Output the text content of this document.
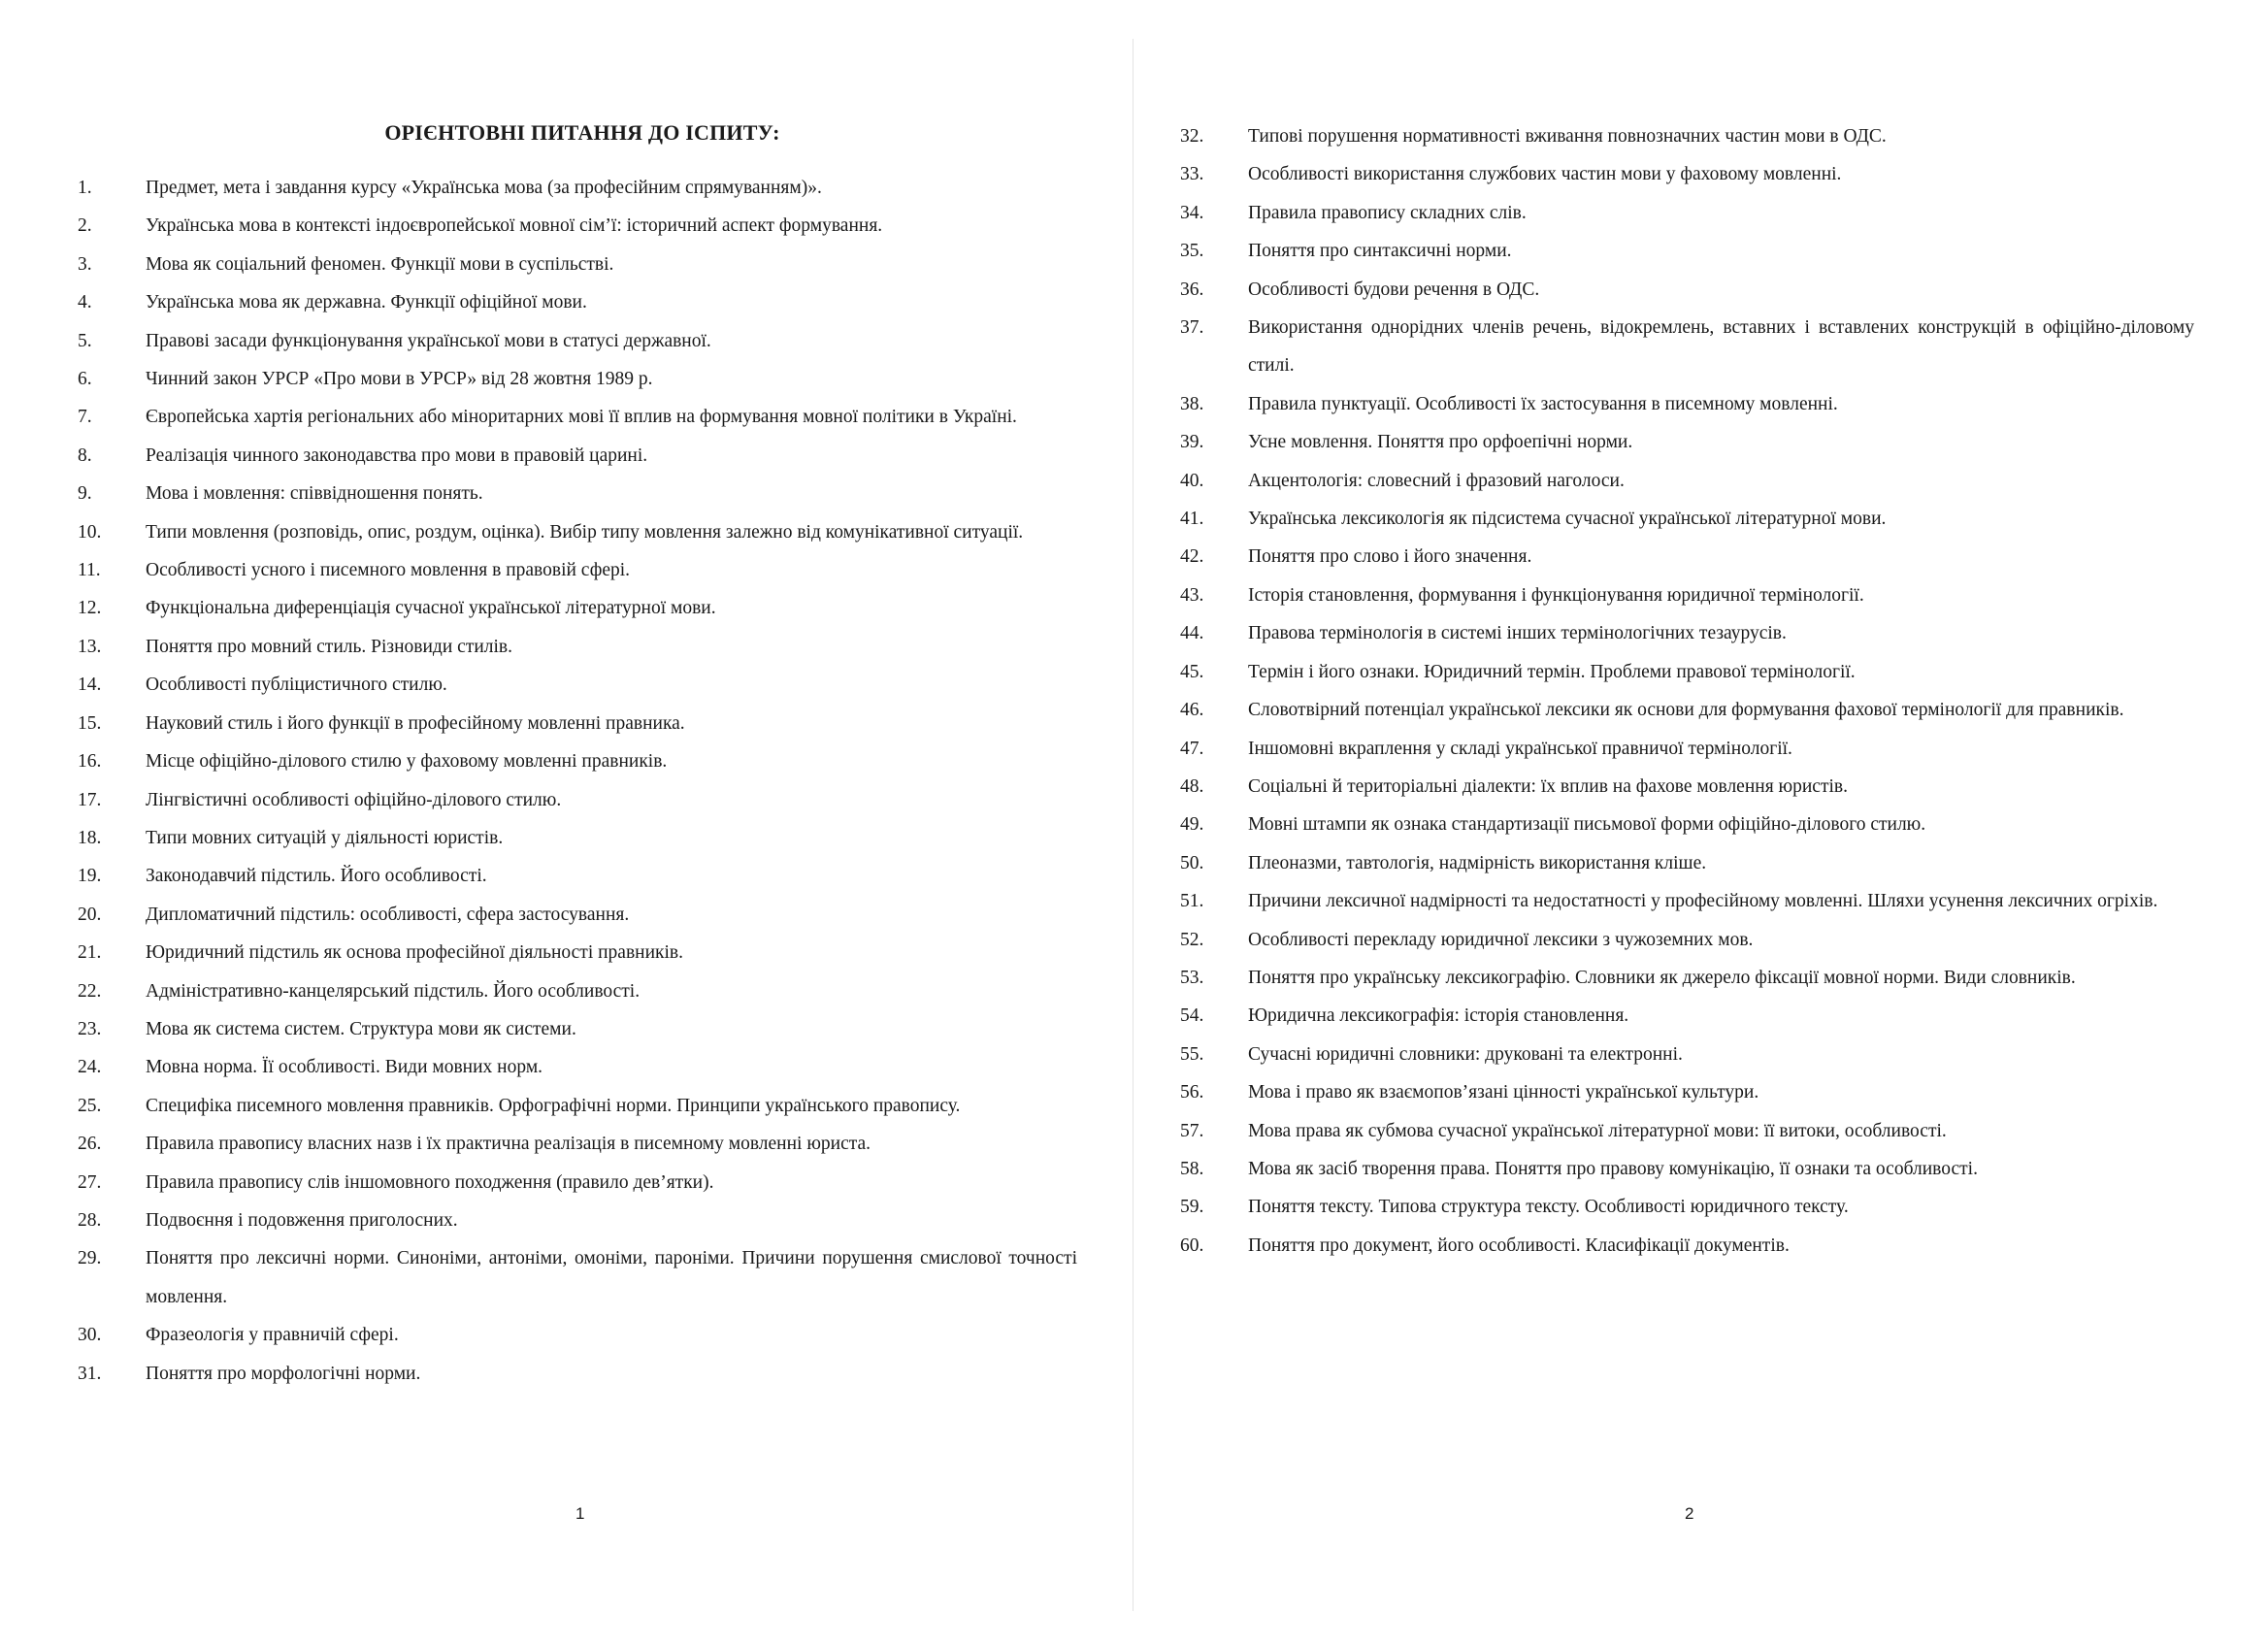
ОРІЄНТОВНІ ПИТАННЯ ДО ІСПИТУ:
1.	Предмет, мета і завдання курсу «Українська мова (за професійним спрямуванням)».
2.	Українська мова в контексті індоєвропейської мовної сім’ї: історичний аспект формування.
3.	Мова як соціальний феномен. Функції мови в суспільстві.
4.	Українська мова як державна. Функції офіційної мови.
5.	Правові засади функціонування української мови в статусі державної.
6.	Чинний закон УРСР «Про мови в УРСР» від 28 жовтня 1989 р.
7.	Європейська хартія регіональних або міноритарних мові її вплив на формування мовної політики в Україні.
8.	Реалізація чинного законодавства про мови в правовій царині.
9.	Мова і мовлення: співвідношення понять.
10.	Типи мовлення (розповідь, опис, роздум, оцінка). Вибір типу мовлення залежно від комунікативної ситуації.
11.	Особливості усного і писемного мовлення в правовій сфері.
12.	Функціональна диференціація сучасної української літературної мови.
13.	Поняття про мовний стиль. Різновиди стилів.
14.	Особливості публіцистичного стилю.
15.	Науковий стиль і його функції в професійному мовленні правника.
16.	Місце офіційно-ділового стилю у фаховому мовленні правників.
17.	Лінгвістичні особливості офіційно-ділового стилю.
18.	Типи мовних ситуацій у діяльності юристів.
19.	Законодавчий підстиль. Його особливості.
20.	Дипломатичний підстиль: особливості, сфера застосування.
21.	Юридичний підстиль як основа професійної діяльності правників.
22.	Адміністративно-канцелярський підстиль. Його особливості.
23.	Мова як система систем. Структура мови як системи.
24.	Мовна норма. Її особливості. Види мовних норм.
25.	Специфіка писемного мовлення правників. Орфографічні норми. Принципи українського правопису.
26.	Правила правопису власних назв і їх практична реалізація в писемному мовленні юриста.
27.	Правила правопису слів іншомовного походження (правило дев’ятки).
28.	Подвоєння і подовження приголосних.
29.	Поняття про лексичні норми. Синоніми, антоніми, омоніми, пароніми. Причини порушення смислової точності мовлення.
30.	Фразеологія у правничій сфері.
31.	Поняття про морфологічні норми.
1
32.	Типові порушення нормативності вживання повнозначних частин мови в ОДС.
33.	Особливості використання службових частин мови у фаховому мовленні.
34.	Правила правопису складних слів.
35.	Поняття про синтаксичні норми.
36.	Особливості будови речення в ОДС.
37.	Використання однорідних членів речень, відокремлень, вставних і вставлених конструкцій в офіційно-діловому стилі.
38.	Правила пунктуації. Особливості їх застосування в писемному мовленні.
39.	Усне мовлення. Поняття про орфоепічні норми.
40.	Акцентологія: словесний і фразовий наголоси.
41.	Українська лексикологія як підсистема сучасної української літературної мови.
42.	Поняття про слово і його значення.
43.	Історія становлення, формування і функціонування юридичної термінології.
44.	Правова термінологія в системі інших термінологічних тезаурусів.
45.	Термін і його ознаки. Юридичний термін. Проблеми правової термінології.
46.	Словотвірний потенціал української лексики як основи для формування фахової термінології для правників.
47.	Іншомовні вкраплення у складі української правничої термінології.
48.	Соціальні й територіальні діалекти: їх вплив на фахове мовлення юристів.
49.	Мовні штампи як ознака стандартизації письмової форми офіційно-ділового стилю.
50.	Плеоназми, тавтологія, надмірність використання кліше.
51.	Причини лексичної надмірності та недостатності у професійному мовленні. Шляхи усунення лексичних огріхів.
52.	Особливості перекладу юридичної лексики з чужоземних мов.
53.	Поняття про українську лексикографію. Словники як джерело фіксації мовної норми. Види словників.
54.	Юридична лексикографія: історія становлення.
55.	Сучасні юридичні словники: друковані та електронні.
56.	Мова і право як взаємопов’язані цінності української культури.
57.	Мова права як субмова сучасної української літературної мови: її витоки, особливості.
58.	Мова як засіб творення права. Поняття про правову комунікацію, її ознаки та особливості.
59.	Поняття тексту. Типова структура тексту. Особливості юридичного тексту.
60.	Поняття про документ, його особливості. Класифікації документів.
2
